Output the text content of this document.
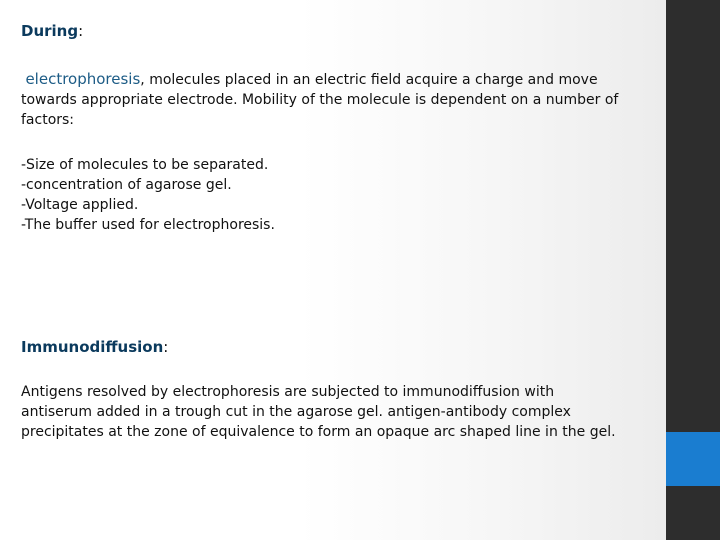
During:
electrophoresis, molecules placed in an electric field acquire a charge and move
towards appropriate electrode. Mobility of the molecule is dependent on a number of
factors:
-Size of molecules to be separated.
-concentration of agarose gel.
-Voltage applied.
-The buffer used for electrophoresis.
Immunodiffusion:
Antigens resolved by electrophoresis are subjected to immunodiffusion with
antiserum added in a trough cut in the agarose gel. antigen-antibody complex
precipitates at the zone of equivalence to form an opaque arc shaped line in the gel.
